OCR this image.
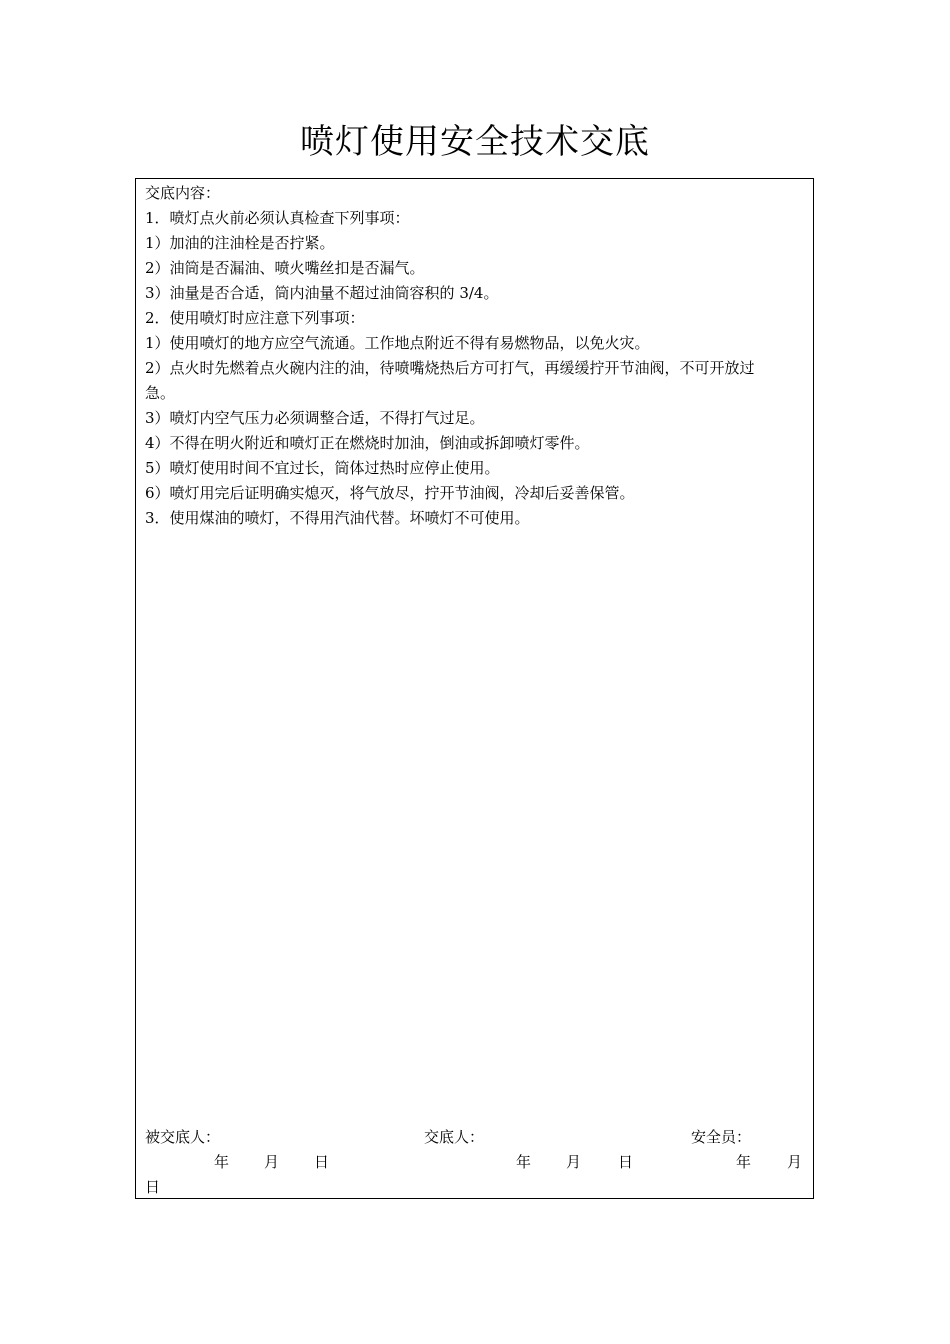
喷灯使用安全技术交底
交底内容：
1．喷灯点火前必须认真检查下列事项：
1）加油的注油栓是否拧紧。
2）油筒是否漏油、喷火嘴丝扣是否漏气。
3）油量是否合适，筒内油量不超过油筒容积的 3/4。
2．使用喷灯时应注意下列事项：
1）使用喷灯的地方应空气流通。工作地点附近不得有易燃物品，以免火灾。
2）点火时先燃着点火碗内注的油，待喷嘴烧热后方可打气，再缓缓拧开节油阀，不可开放过
急。
3）喷灯内空气压力必须调整合适，不得打气过足。
4）不得在明火附近和喷灯正在燃烧时加油，倒油或拆卸喷灯零件。
5）喷灯使用时间不宜过长，筒体过热时应停止使用。
6）喷灯用完后证明确实熄灭，将气放尽，拧开节油阀，冷却后妥善保管。
3．使用煤油的喷灯，不得用汽油代替。坏喷灯不可使用。
被交底人：	交底人：	安全员：
年 月 日	年 月 日	年 月
日
